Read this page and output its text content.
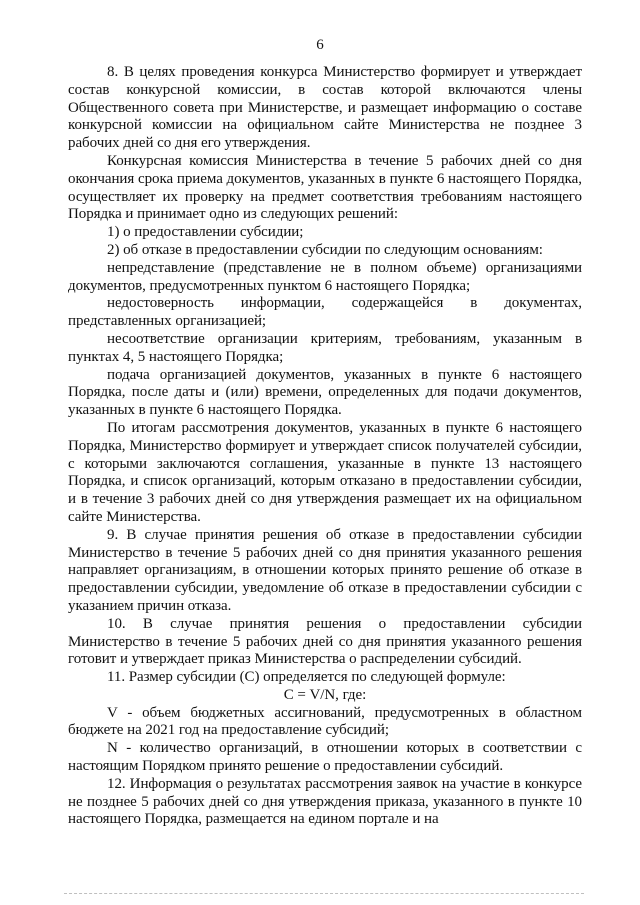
6

8. В целях проведения конкурса Министерство формирует и утверждает состав конкурсной комиссии, в состав которой включаются члены Общественного совета при Министерстве, и размещает информацию о составе конкурсной комиссии на официальном сайте Министерства не позднее 3 рабочих дней со дня его утверждения.

Конкурсная комиссия Министерства в течение 5 рабочих дней со дня окончания срока приема документов, указанных в пункте 6 настоящего Порядка, осуществляет их проверку на предмет соответствия требованиям настоящего Порядка и принимает одно из следующих решений:

1) о предоставлении субсидии;

2) об отказе в предоставлении субсидии по следующим основаниям:

непредставление (представление не в полном объеме) организациями документов, предусмотренных пунктом 6 настоящего Порядка;

недостоверность информации, содержащейся в документах, представленных организацией;

несоответствие организации критериям, требованиям, указанным в пунктах 4, 5 настоящего Порядка;

подача организацией документов, указанных в пункте 6 настоящего Порядка, после даты и (или) времени, определенных для подачи документов, указанных в пункте 6 настоящего Порядка.

По итогам рассмотрения документов, указанных в пункте 6 настоящего Порядка, Министерство формирует и утверждает список получателей субсидии, с которыми заключаются соглашения, указанные в пункте 13 настоящего Порядка, и список организаций, которым отказано в предоставлении субсидии, и в течение 3 рабочих дней со дня утверждения размещает их на официальном сайте Министерства.

9. В случае принятия решения об отказе в предоставлении субсидии Министерство в течение 5 рабочих дней со дня принятия указанного решения направляет организациям, в отношении которых принято решение об отказе в предоставлении субсидии, уведомление об отказе в предоставлении субсидии с указанием причин отказа.

10. В случае принятия решения о предоставлении субсидии Министерство в течение 5 рабочих дней со дня принятия указанного решения готовит и утверждает приказ Министерства о распределении субсидий.

11. Размер субсидии (С) определяется по следующей формуле:

С = V/N, где:

V - объем бюджетных ассигнований, предусмотренных в областном бюджете на 2021 год на предоставление субсидий;

N - количество организаций, в отношении которых в соответствии с настоящим Порядком принято решение о предоставлении субсидий.

12. Информация о результатах рассмотрения заявок на участие в конкурсе не позднее 5 рабочих дней со дня утверждения приказа, указанного в пункте 10 настоящего Порядка, размещается на едином портале и на
